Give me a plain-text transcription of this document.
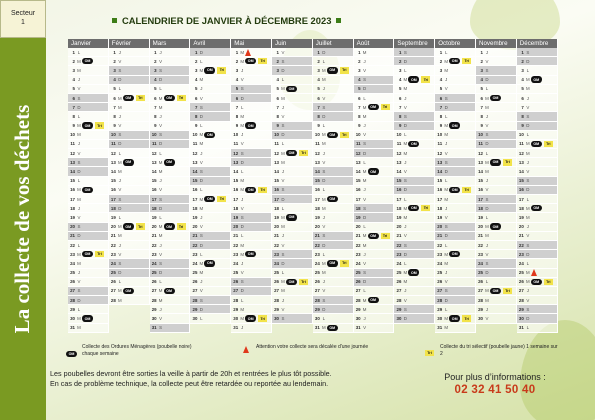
La collecte de vos déchets
Secteur
1	CALENDRIER DE JANVIER À DÉCEMBRE 2023
Janvier
1 L
2 M	OM
3 M
4 J
5 V
6 S
7 D
8 L
9 M	OM	Tri
10 M
11 J
12 V
13 S
14 D
15 L
16 M	OM
17 M
18 J
19 V
20 S
21 D
22 L
23 M	OM	Tri
24 M
25 J
26 V
27 S
28 D
29 L
30 M	OM
31 M
Février
1 J
2 V
3 S
4 D
5 L
6 M	OM	Tri
7 M
8 J
9 V
10 S
11 D
12 L
13 M	OM
14 M
15 J
16 V
17 S
18 D
19 L
20 M	OM	Tri
21 M
22 J
23 V
24 S
25 D
26 L
27 M	OM
28 M
Mars
1 J
2 V
3 S
4 D
5 L
6 M	OM	Tri
7 M
8 J
9 V
10 S
11 D
12 L
13 M	OM
14 M
15 J
16 V
17 S
18 D
19 L
20 M	OM	Tri
21 M
22 J
23 V
24 S
25 D
26 L
27 M	OM
28 M
29 J
30 V
31 S
Avril
1 D
2 L
3 M	OM	Tri
4 M
5 J
6 V
7 S
8 D
9 L
10 M	OM
11 M
12 J
13 V
14 S
15 D
16 L
17 M	OM	Tri
18 M
19 J
20 V
21 S
22 D
23 L
24 M	OM
25 M
26 J
27 V
28 S
29 D
30 L
Mai
1 M
2 M	OM	Tri
3 J
4 V
5 S
6 D
7 L
8 M
9 M	OM
10 J
11 V
12 S
13 D
14 L
15 M
16 M	OM	Tri
17 J
18 V
19 S
20 D
21 L
22 M
23 M	OM
24 J
25 V
26 S
27 D
28 L
29 M
30 M	OM	Tri
31 J
Juin
1 V
2 S
3 D
4 L
5 M	OM
6 M
7 J
8 V
9 S
10 D
11 L
12 M	OM	Tri
13 M
14 J
15 V
16 S
17 D
18 L
19 M	OM
20 M
21 J
22 V
23 S
24 D
25 L
26 M	OM	Tri
27 M
28 J
29 V
30 S
Juillet
1 D
2 L
3 M	OM	Tri
4 M
5 J
6 V
7 S
8 D
9 L
10 M	OM	Tri
11 M
12 J
13 V
14 S
15 D
16 L
17 M	OM
18 M
19 J
20 V
21 S
22 D
23 L
24 M	OM	Tri
25 M
26 J
27 V
28 S
29 D
30 L
31 M	OM
Août
1 M
2 J
3 V
4 S
5 D
6 L
7 M	OM	Tri
8 M
9 J
10 V
11 S
12 D
13 L
14 M	OM
15 M
16 J
17 V
18 S
19 D
20 L
21 M	OM	Tri
22 M
23 J
24 V
25 S
26 D
27 L
28 M	OM
29 M
30 J
31 V
Septembre
1 S
2 D
3 L
4 M	OM	Tri
5 M
6 J
7 V
8 S
9 D
10 L
11 M	OM
12 M
13 J
14 V
15 S
16 D
17 L
18 M	OM	Tri
19 M
20 J
21 V
22 S
23 D
24 L
25 M	OM
26 M
27 J
28 V
29 S
30 D
Octobre
1 L
2 M	OM	Tri
3 M
4 J
5 V
6 S
7 D
8 L
9 M	OM
10 M
11 J
12 V
13 S
14 D
15 L
16 M	OM	Tri
17 M
18 J
19 V
20 S
21 D
22 L
23 M	OM
24 M
25 J
26 V
27 S
28 D
29 L
30 M	OM	Tri
31 M
Novembre
1 J
2 V
3 S
4 D
5 L
6 M	OM
7 M
8 J
9 V
10 S
11 D
12 L
13 M	OM	Tri
14 M
15 J
16 V
17 S
18 D
19 L
20 M	OM
21 M
22 J
23 V
24 S
25 D
26 L
27 M	OM	Tri
28 M
29 J
30 V
Décembre
1 S
2 D
3 L
4 M	OM
5 M
6 J
7 V
8 S
9 D
10 L
11 M	OM	Tri
12 M
13 J
14 V
15 S
16 D
17 L
18 M	OM
19 M
20 J
21 V
22 S
23 D
24 L
25 M
26 M	OM	Tri
27 J
28 V
29 S
30 D
31 L
OM
Collecte des Ordures Ménagères (poubelle noire) chaque semaine
Attention votre collecte sera décalée d'une journée
Tri
Collecte du tri sélectif (poubelle jaune) 1 semaine sur 2
Les poubelles devront être sorties la veille à partir de 20h et rentrées le plus tôt possible.
En cas de problème technique, la collecte peut être retardée ou reportée au lendemain.
Pour plus d’informations :
02 32 41 50 40
